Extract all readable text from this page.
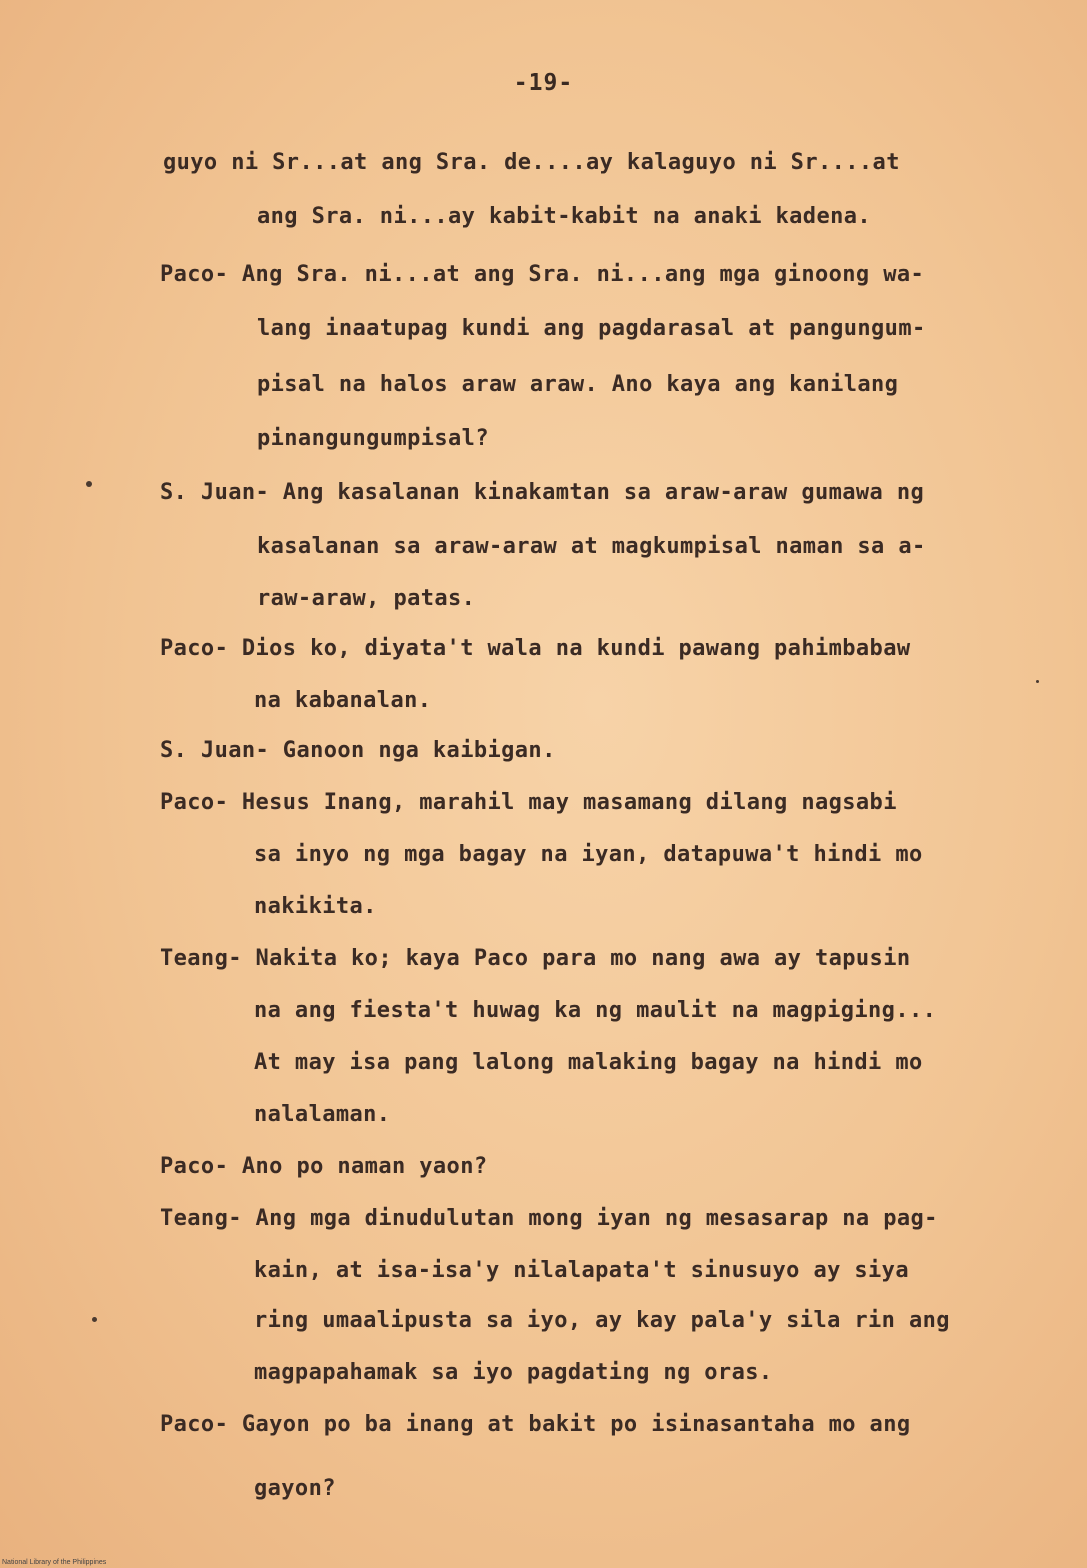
-19-
guyo ni Sr...at ang Sra. de....ay kalaguyo ni Sr....at
ang Sra. ni...ay kabit-kabit na anaki kadena.
Paco- Ang Sra. ni...at ang Sra. ni...ang mga ginoong wa-
lang inaatupag kundi ang pagdarasal at pangungum-
pisal na halos araw araw. Ano kaya ang kanilang
pinangungumpisal?
S. Juan- Ang kasalanan kinakamtan sa araw-araw gumawa ng
kasalanan sa araw-araw at magkumpisal naman sa a-
raw-araw, patas.
Paco- Dios ko, diyata't wala na kundi pawang pahimbabaw
na kabanalan.
S. Juan- Ganoon nga kaibigan.
Paco- Hesus Inang, marahil may masamang dilang nagsabi
sa inyo ng mga bagay na iyan, datapuwa't hindi mo
nakikita.
Teang- Nakita ko; kaya Paco para mo nang awa ay tapusin
na ang fiesta't huwag ka ng maulit na magpiging...
At may isa pang lalong malaking bagay na hindi mo
nalalaman.
Paco- Ano po naman yaon?
Teang- Ang mga dinudulutan mong iyan ng mesasarap na pag-
kain, at isa-isa'y nilalapata't sinusuyo ay siya
ring umaalipusta sa iyo, ay kay pala'y sila rin ang
magpapahamak sa iyo pagdating ng oras.
Paco- Gayon po ba inang at bakit po isinasantaha mo ang
gayon?
National Library of the Philippines
